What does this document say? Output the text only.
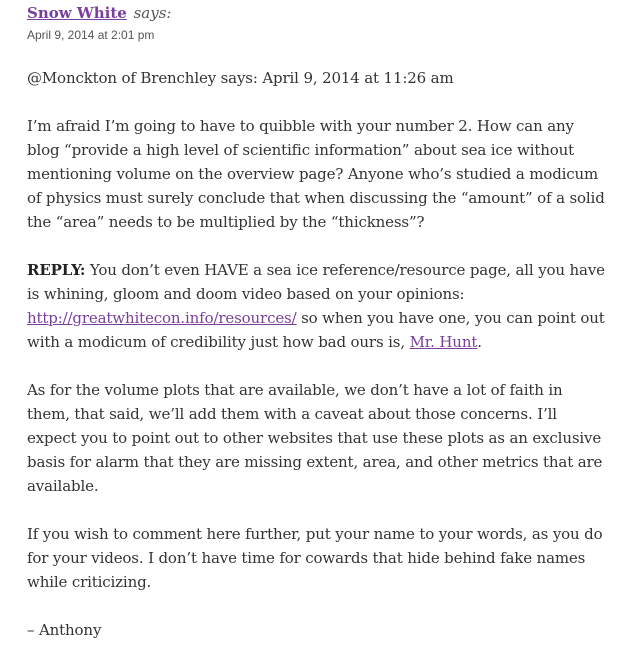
Snow White says:
April 9, 2014 at 2:01 pm

@Monckton of Brenchley says: April 9, 2014 at 11:26 am

I’m afraid I’m going to have to quibble with your number 2. How can any blog “provide a high level of scientific information” about sea ice without mentioning volume on the overview page? Anyone who’s studied a modicum of physics must surely conclude that when discussing the “amount” of a solid the “area” needs to be multiplied by the “thickness”?

REPLY: You don’t even HAVE a sea ice reference/resource page, all you have is whining, gloom and doom video based on your opinions: http://greatwhitecon.info/resources/ so when you have one, you can point out with a modicum of credibility just how bad ours is, Mr. Hunt.

As for the volume plots that are available, we don’t have a lot of faith in them, that said, we’ll add them with a caveat about those concerns. I’ll expect you to point out to other websites that use these plots as an exclusive basis for alarm that they are missing extent, area, and other metrics that are available.

If you wish to comment here further, put your name to your words, as you do for your videos. I don’t have time for cowards that hide behind fake names while criticizing.

– Anthony
